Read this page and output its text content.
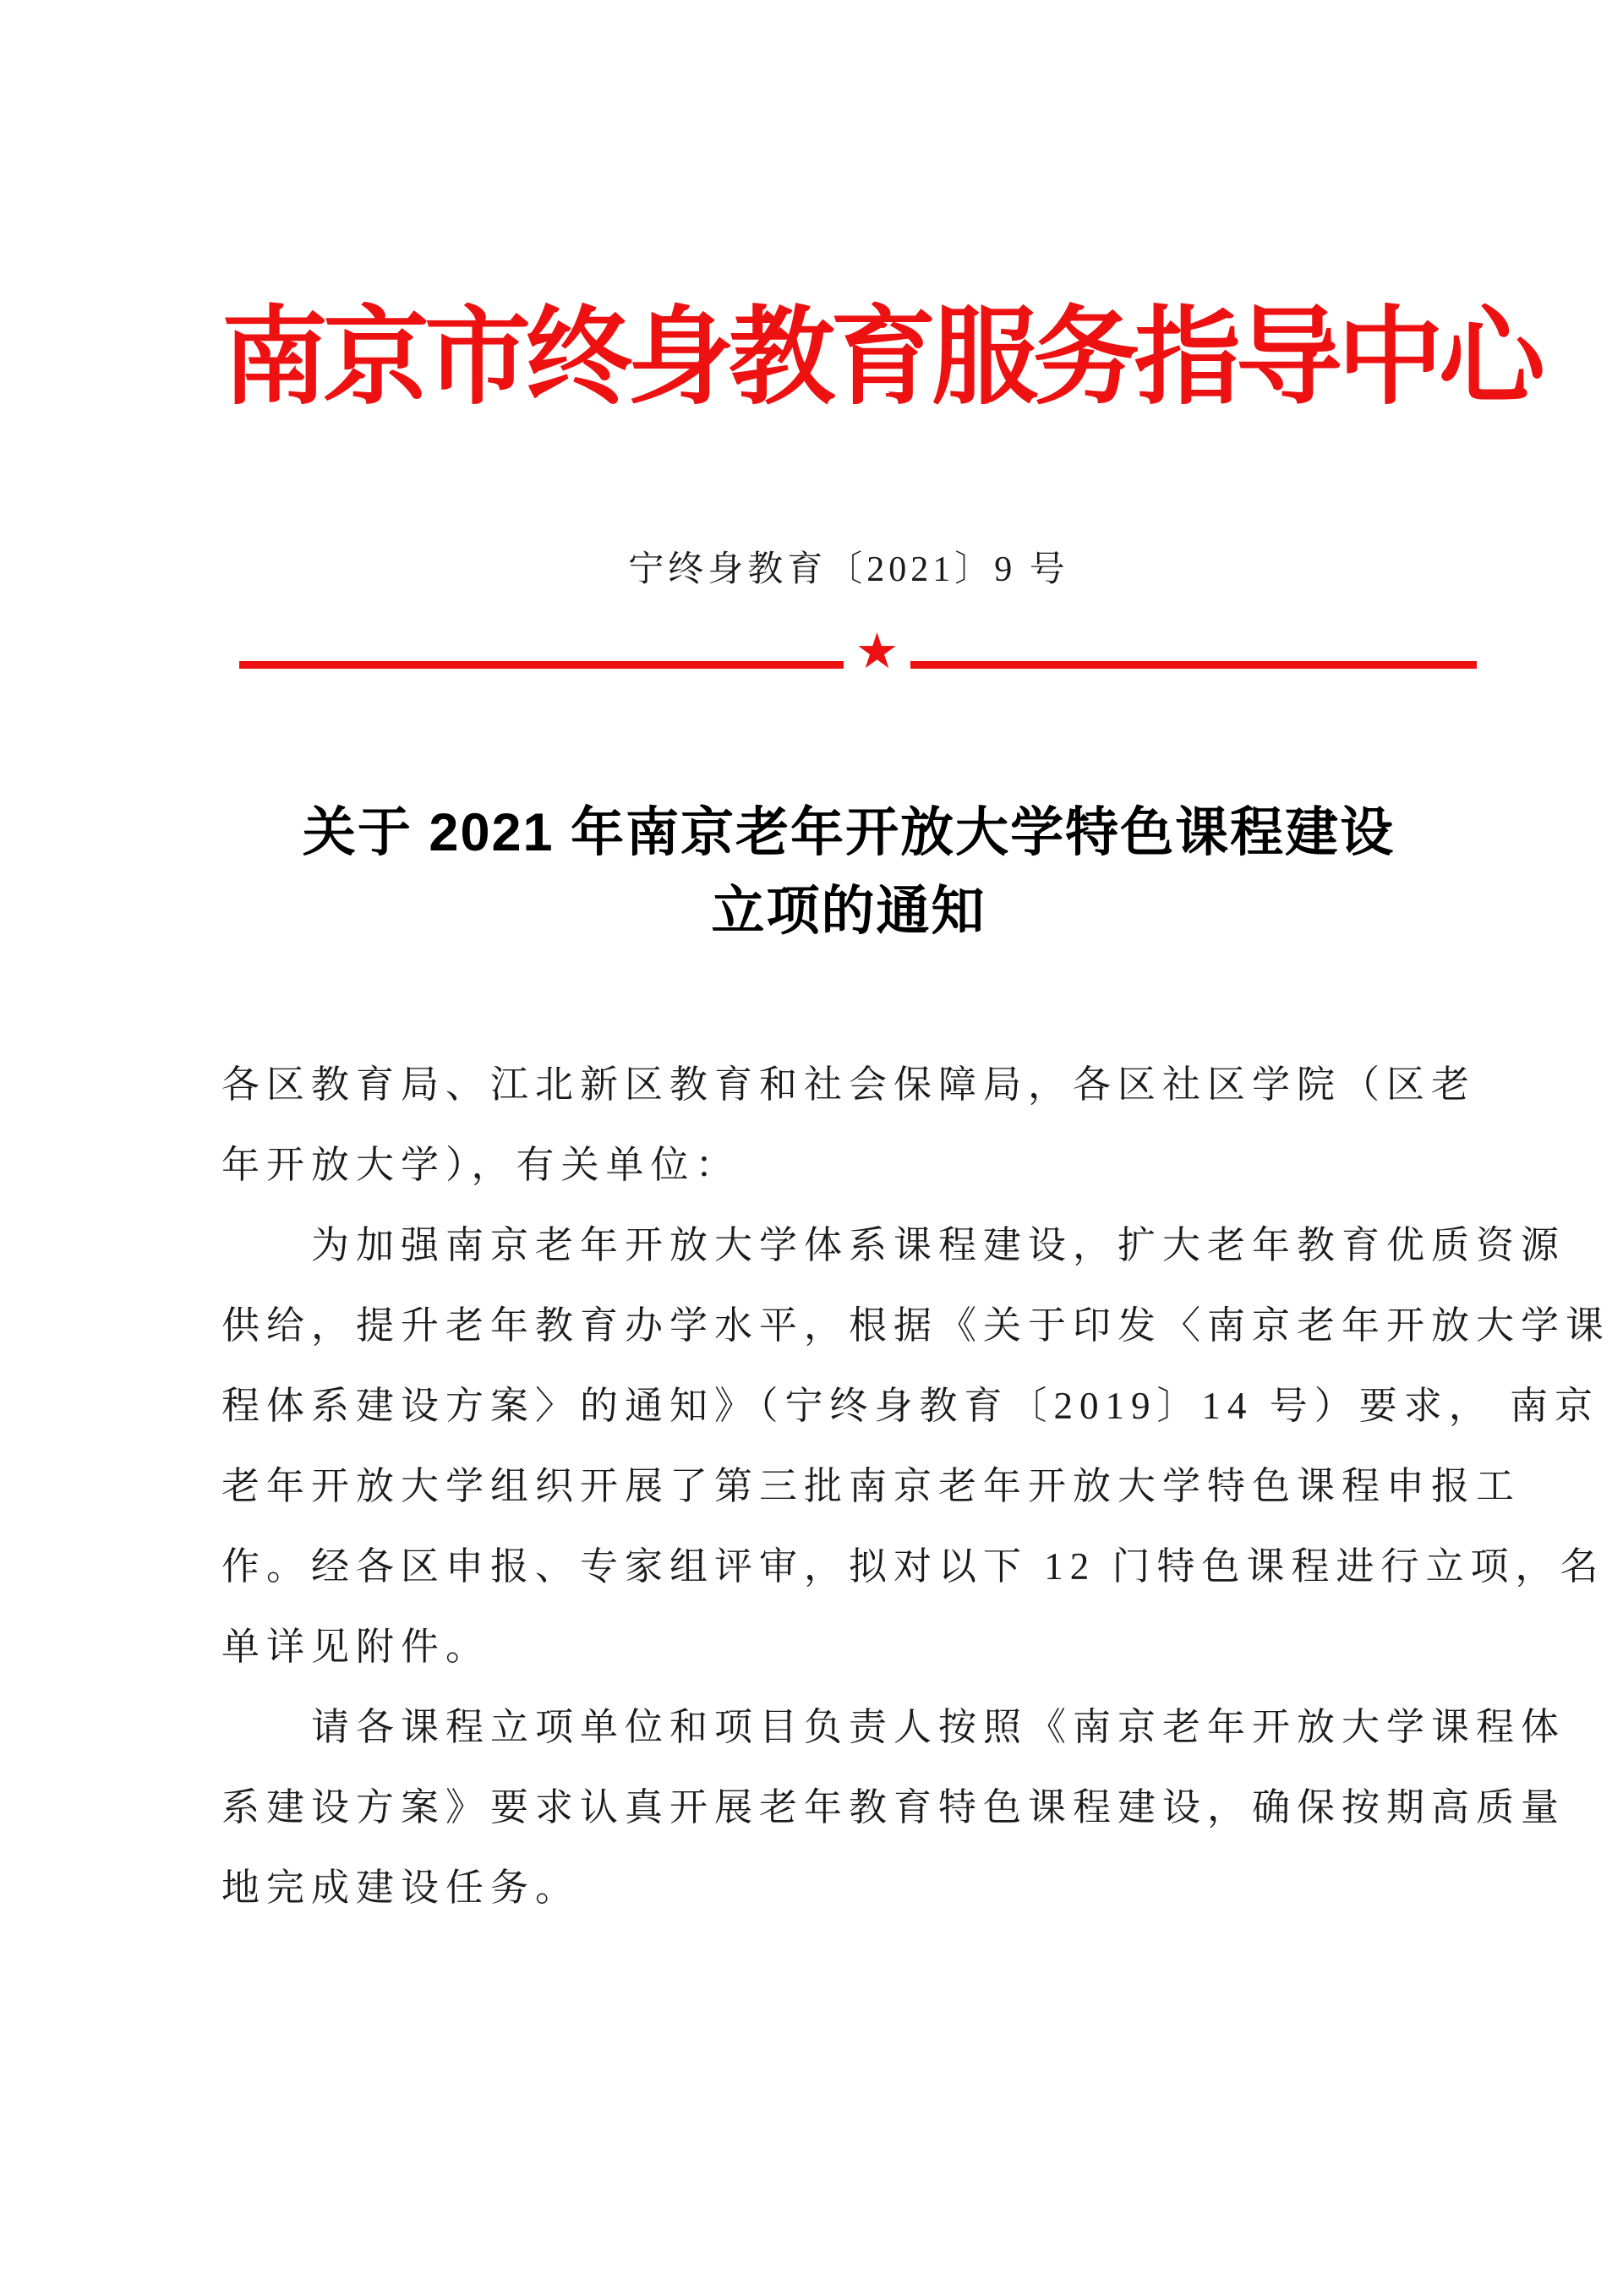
南京市终身教育服务指导中心
宁终身教育〔2021〕9 号
★
关于 2021 年南京老年开放大学特色课程建设
立项的通知
各区教育局、江北新区教育和社会保障局，各区社区学院（区老
年开放大学），有关单位：
为加强南京老年开放大学体系课程建设，扩大老年教育优质资源
供给，提升老年教育办学水平，根据《关于印发〈南京老年开放大学课
程体系建设方案〉的通知》（宁终身教育〔2019〕14 号）要求， 南京
老年开放大学组织开展了第三批南京老年开放大学特色课程申报工
作。经各区申报、专家组评审，拟对以下 12 门特色课程进行立项，名
单详见附件。
请各课程立项单位和项目负责人按照《南京老年开放大学课程体
系建设方案》要求认真开展老年教育特色课程建设，确保按期高质量
地完成建设任务。
